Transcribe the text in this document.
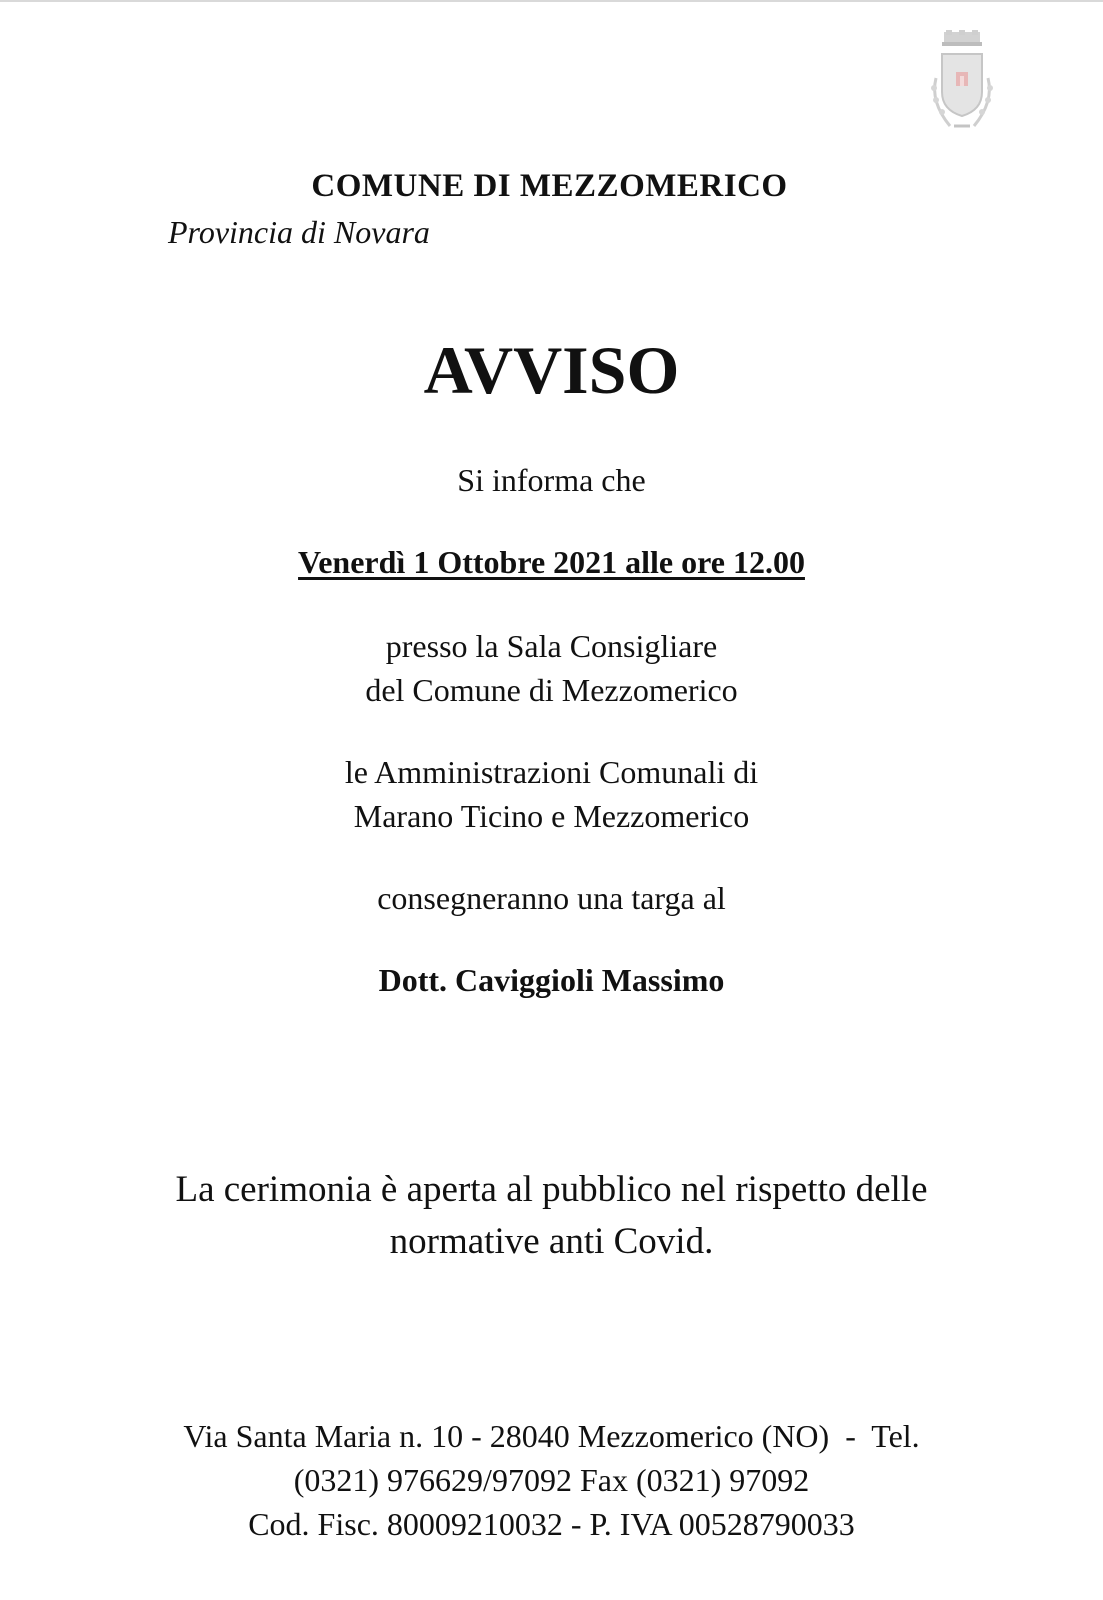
COMUNE DI MEZZOMERICO
Provincia di Novara
AVVISO
Si informa che
Venerdì 1 Ottobre 2021 alle ore 12.00
presso la Sala Consigliare
del Comune di Mezzomerico
le Amministrazioni Comunali di
Marano Ticino e Mezzomerico
consegneranno una targa al
Dott. Caviggioli Massimo
La cerimonia è aperta al pubblico nel rispetto delle
normative anti Covid.
Via Santa Maria n. 10 - 28040 Mezzomerico (NO)  -  Tel.
(0321) 976629/97092 Fax (0321) 97092
Cod. Fisc. 80009210032 - P. IVA 00528790033
